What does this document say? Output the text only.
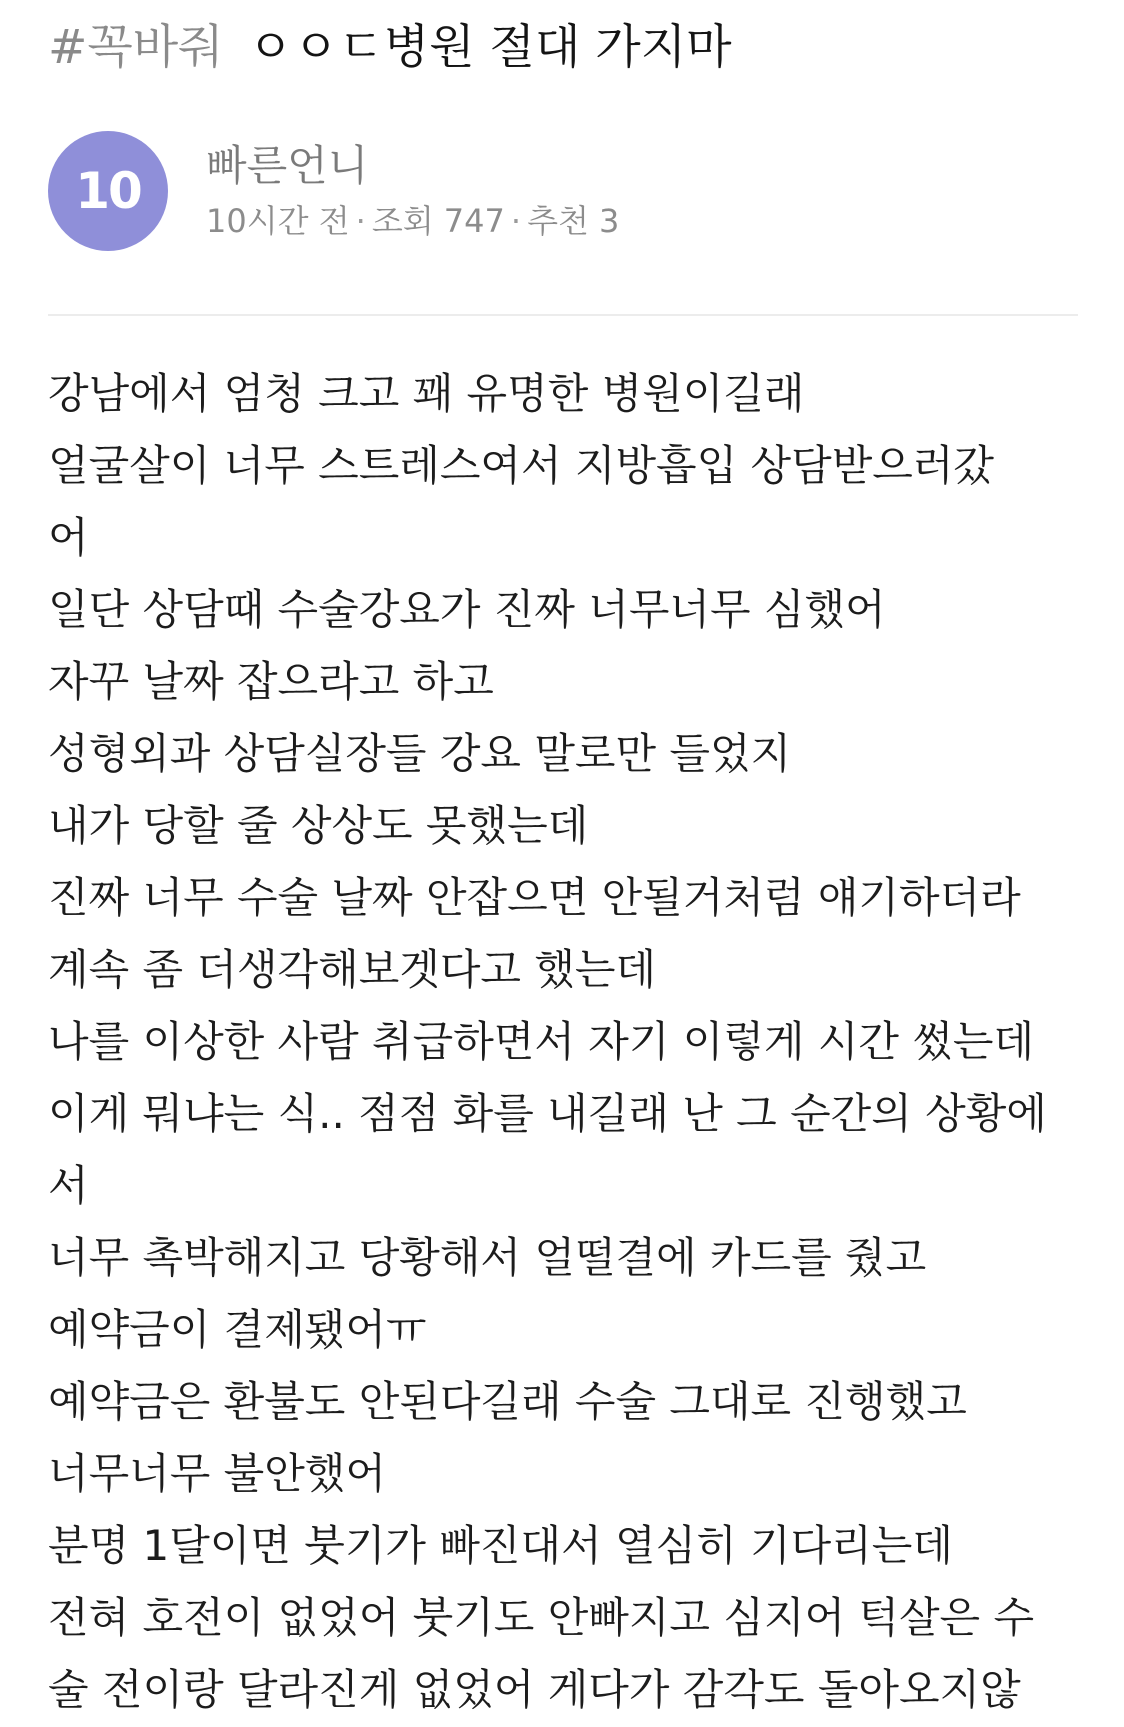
#꼭바줘 ㅇㅇㄷ병원 절대 가지마
10 빠른언니
10시간 전 · 조회 747 · 추천 3
강남에서 엄청 크고 꽤 유명한 병원이길래
얼굴살이 너무 스트레스여서 지방흡입 상담받으러갔
어
일단 상담때 수술강요가 진짜 너무너무 심했어
자꾸 날짜 잡으라고 하고
성형외과 상담실장들 강요 말로만 들었지
내가 당할 줄 상상도 못했는데
진짜 너무 수술 날짜 안잡으면 안될거처럼 얘기하더라
계속 좀 더생각해보겟다고 했는데
나를 이상한 사람 취급하면서 자기 이렇게 시간 썼는데
이게 뭐냐는 식.. 점점 화를 내길래 난 그 순간의 상황에
서
너무 촉박해지고 당황해서 얼떨결에 카드를 줬고
예약금이 결제됐어ㅠ
예약금은 환불도 안된다길래 수술 그대로 진행했고
너무너무 불안했어
분명 1달이면 붓기가 빠진대서 열심히 기다리는데
전혀 호전이 없었어 붓기도 안빠지고 심지어 턱살은 수
술 전이랑 달라진게 없었어 게다가 감각도 돌아오지않
